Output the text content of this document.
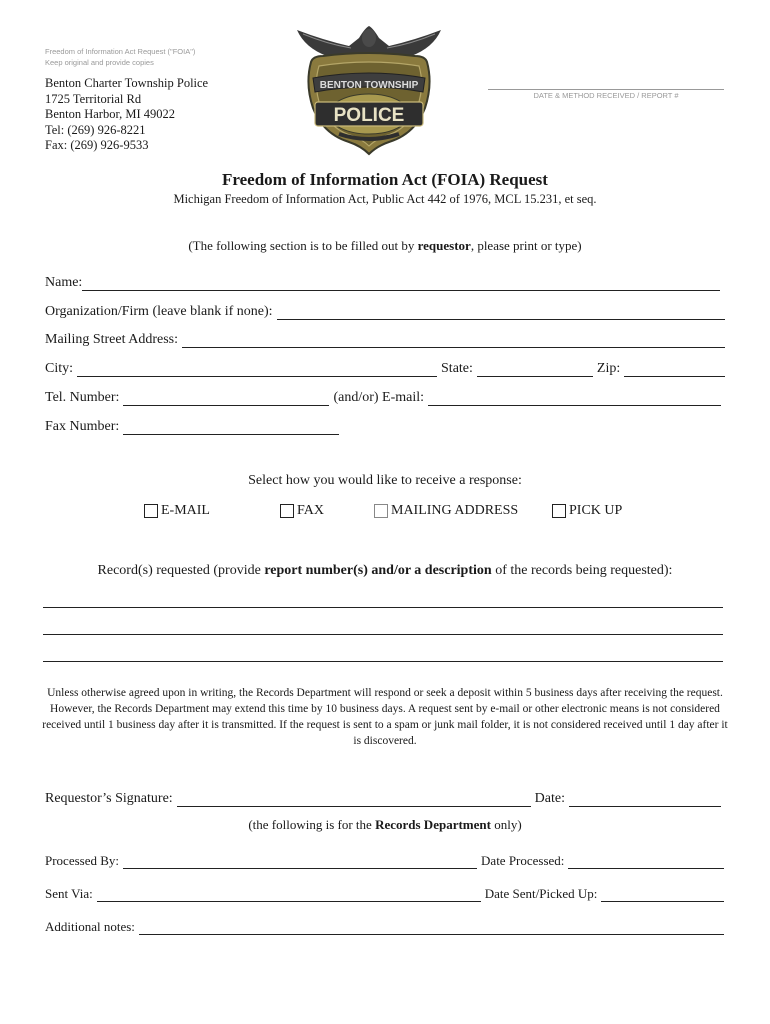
Freedom of Information Act Request ("FOIA")
Keep original and provide copies
Benton Charter Township Police
1725 Territorial Rd
Benton Harbor, MI 49022
Tel: (269) 926-8221
Fax: (269) 926-9533
BENTON TOWNSHIP
POLICE
DATE & METHOD RECEIVED / REPORT #
Freedom of Information Act (FOIA) Request
Michigan Freedom of Information Act, Public Act 442 of 1976, MCL 15.231, et seq.
(The following section is to be filled out by requestor, please print or type)
Name:
Organization/Firm (leave blank if none):
Mailing Street Address:
City:	State:	Zip:
Tel. Number:	(and/or) E-mail:
Fax Number:
Select how you would like to receive a response:
E-MAIL	FAX	MAILING ADDRESS	PICK UP
Record(s) requested (provide report number(s) and/or a description of the records being requested):
Unless otherwise agreed upon in writing, the Records Department will respond or seek a deposit within 5 business days after receiving the request. However, the Records Department may extend this time by 10 business days. A request sent by e-mail or other electronic means is not considered received until 1 business day after it is transmitted. If the request is sent to a spam or junk mail folder, it is not considered received until 1 day after it is discovered.
Requestor’s Signature:	Date:
(the following is for the Records Department only)
Processed By:	Date Processed:
Sent Via:	Date Sent/Picked Up:
Additional notes:
